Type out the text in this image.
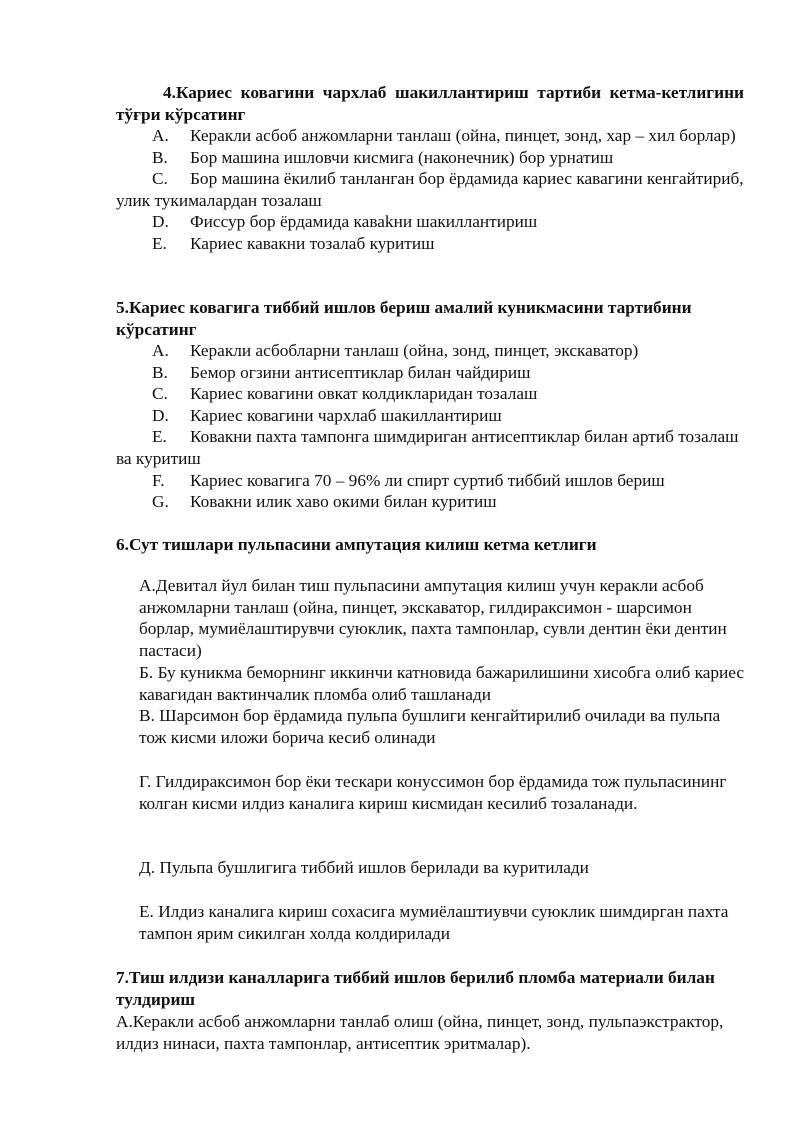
4.Кариес ковагини чархлаб шакиллантириш тартиби кетма-кетлигини тўғри кўрсатинг
A. Керакли асбоб анжомларни танлаш (ойна, пинцет, зонд, хар – хил борлар)
B. Бор машина ишловчи кисмига (наконечник) бор урнатиш
C. Бор машина ёкилиб танланган бор ёрдамида кариес кавагини кенгайтириб, улик тукималардан тозалаш
D. Фиссур бор ёрдамида каваkни шакиллантириш
E. Кариес кавакни тозалаб куритиш
5.Кариес ковагига тиббий ишлов бериш амалий куникмасини тартибини кўрсатинг
A. Керакли асбобларни танлаш (ойна, зонд, пинцет, экскаватор)
B. Бемор огзини антисептиклар билан чайдириш
C. Кариес ковагини овкат колдикларидан тозалаш
D. Кариес ковагини чархлаб шакиллантириш
E. Ковакни пахта тампонга шимдириган антисептиклар билан артиб тозалаш ва куритиш
F. Кариес ковагига 70 – 96% ли спирт суртиб тиббий ишлов бериш
G. Ковакни илик хаво окими билан куритиш
6.Сут тишлари пульпасини ампутация килиш кетма кетлиги
А.Девитал йул билан тиш пульпасини ампутация килиш учун керакли асбоб анжомларни танлаш (ойна, пинцет, экскаватор, гилдираксимон - шарсимон борлар, мумиёлаштирувчи суюклик, пахта тампонлар, сувли дентин ёки дентин пастаси)
Б. Бу куникма беморнинг иккинчи катновида бажарилишини хисобга олиб кариес кавагидан вактинчалик пломба олиб ташланади
В. Шарсимон бор ёрдамида пульпа бушлиги кенгайтирилиб очилади ва пульпа тож кисми иложи борича кесиб олинади
Г. Гилдираксимон бор ёки тескари конуссимон бор ёрдамида тож пульпасининг колган кисми илдиз каналига кириш кисмидан кесилиб тозаланади.
Д. Пульпа бушлигига тиббий ишлов берилади ва куритилади
Е. Илдиз каналига кириш сохасига мумиёлаштиувчи суюклик шимдирган пахта тампон ярим сикилган холда колдирилади
7.Тиш илдизи каналларига тиббий ишлов берилиб пломба материали билан тулдириш
А.Керакли асбоб анжомларни танлаб олиш (ойна, пинцет, зонд, пульпаэкстрактор, илдиз нинаси, пахта тампонлар, антисептик эритмалар).
